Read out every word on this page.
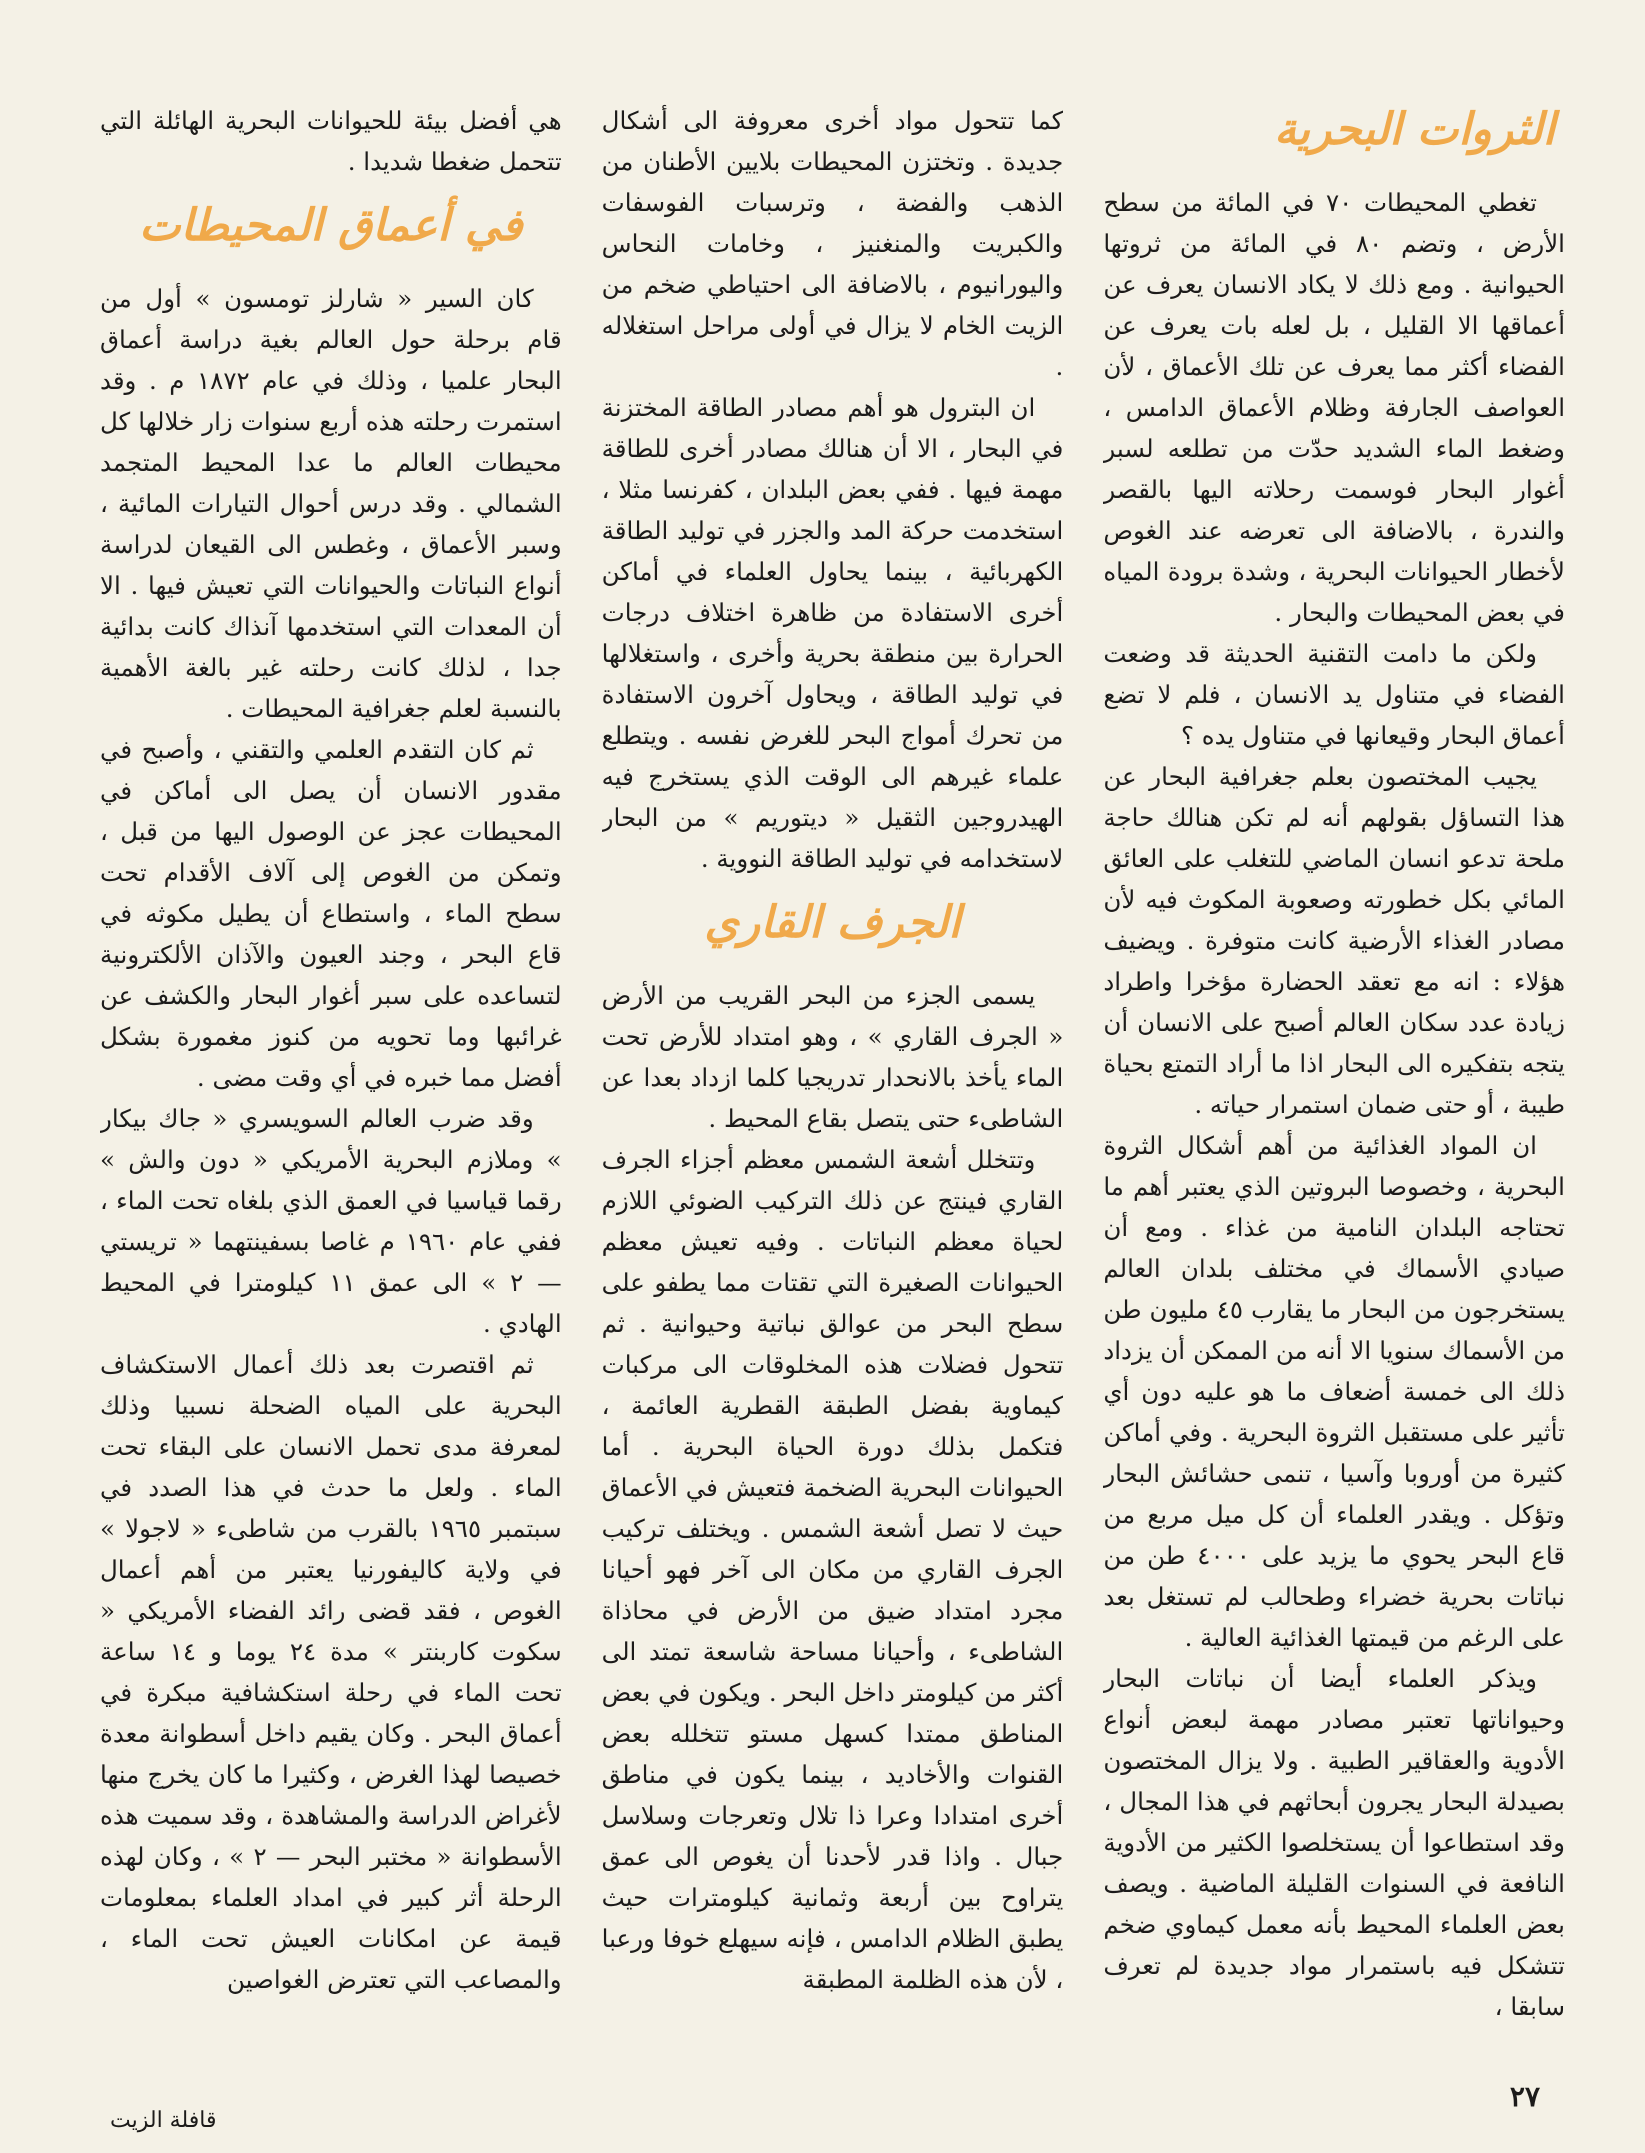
الثروات البحرية

تغطي المحيطات ٧٠ في المائة من سطح الأرض ، وتضم ٨٠ في المائة من ثروتها الحيوانية . ومع ذلك لا يكاد الانسان يعرف عن أعماقها الا القليل ، بل لعله بات يعرف عن الفضاء أكثر مما يعرف عن تلك الأعماق ، لأن العواصف الجارفة وظلام الأعماق الدامس ، وضغط الماء الشديد حدّت من تطلعه لسبر أغوار البحار فوسمت رحلاته اليها بالقصر والندرة ، بالاضافة الى تعرضه عند الغوص لأخطار الحيوانات البحرية ، وشدة برودة المياه في بعض المحيطات والبحار .

ولكن ما دامت التقنية الحديثة قد وضعت الفضاء في متناول يد الانسان ، فلم لا تضع أعماق البحار وقيعانها في متناول يده ؟

يجيب المختصون بعلم جغرافية البحار عن هذا التساؤل بقولهم أنه لم تكن هنالك حاجة ملحة تدعو انسان الماضي للتغلب على العائق المائي بكل خطورته وصعوبة المكوث فيه لأن مصادر الغذاء الأرضية كانت متوفرة . ويضيف هؤلاء : انه مع تعقد الحضارة مؤخرا واطراد زيادة عدد سكان العالم أصبح على الانسان أن يتجه بتفكيره الى البحار اذا ما أراد التمتع بحياة طيبة ، أو حتى ضمان استمرار حياته .

ان المواد الغذائية من أهم أشكال الثروة البحرية ، وخصوصا البروتين الذي يعتبر أهم ما تحتاجه البلدان النامية من غذاء . ومع أن صيادي الأسماك في مختلف بلدان العالم يستخرجون من البحار ما يقارب ٤٥ مليون طن من الأسماك سنويا الا أنه من الممكن أن يزداد ذلك الى خمسة أضعاف ما هو عليه دون أي تأثير على مستقبل الثروة البحرية . وفي أماكن كثيرة من أوروبا وآسيا ، تنمى حشائش البحار وتؤكل . ويقدر العلماء أن كل ميل مربع من قاع البحر يحوي ما يزيد على ٤٠٠٠ طن من نباتات بحرية خضراء وطحالب لم تستغل بعد على الرغم من قيمتها الغذائية العالية .

ويذكر العلماء أيضا أن نباتات البحار وحيواناتها تعتبر مصادر مهمة لبعض أنواع الأدوية والعقاقير الطبية . ولا يزال المختصون بصيدلة البحار يجرون أبحاثهم في هذا المجال ، وقد استطاعوا أن يستخلصوا الكثير من الأدوية النافعة في السنوات القليلة الماضية . ويصف بعض العلماء المحيط بأنه معمل كيماوي ضخم تتشكل فيه باستمرار مواد جديدة لم تعرف سابقا ،

كما تتحول مواد أخرى معروفة الى أشكال جديدة . وتختزن المحيطات بلايين الأطنان من الذهب والفضة ، وترسبات الفوسفات والكبريت والمنغنيز ، وخامات النحاس واليورانيوم ، بالاضافة الى احتياطي ضخم من الزيت الخام لا يزال في أولى مراحل استغلاله .

ان البترول هو أهم مصادر الطاقة المختزنة في البحار ، الا أن هنالك مصادر أخرى للطاقة مهمة فيها . ففي بعض البلدان ، كفرنسا مثلا ، استخدمت حركة المد والجزر في توليد الطاقة الكهربائية ، بينما يحاول العلماء في أماكن أخرى الاستفادة من ظاهرة اختلاف درجات الحرارة بين منطقة بحرية وأخرى ، واستغلالها في توليد الطاقة ، ويحاول آخرون الاستفادة من تحرك أمواج البحر للغرض نفسه . ويتطلع علماء غيرهم الى الوقت الذي يستخرج فيه الهيدروجين الثقيل « ديتوريم » من البحار لاستخدامه في توليد الطاقة النووية .

الجرف القاري

يسمى الجزء من البحر القريب من الأرض « الجرف القاري » ، وهو امتداد للأرض تحت الماء يأخذ بالانحدار تدريجيا كلما ازداد بعدا عن الشاطىء حتى يتصل بقاع المحيط .

وتتخلل أشعة الشمس معظم أجزاء الجرف القاري فينتج عن ذلك التركيب الضوئي اللازم لحياة معظم النباتات . وفيه تعيش معظم الحيوانات الصغيرة التي تقتات مما يطفو على سطح البحر من عوالق نباتية وحيوانية . ثم تتحول فضلات هذه المخلوقات الى مركبات كيماوية بفضل الطبقة القطرية العائمة ، فتكمل بذلك دورة الحياة البحرية . أما الحيوانات البحرية الضخمة فتعيش في الأعماق حيث لا تصل أشعة الشمس . ويختلف تركيب الجرف القاري من مكان الى آخر فهو أحيانا مجرد امتداد ضيق من الأرض في محاذاة الشاطىء ، وأحيانا مساحة شاسعة تمتد الى أكثر من كيلومتر داخل البحر . ويكون في بعض المناطق ممتدا كسهل مستو تتخلله بعض القنوات والأخاديد ، بينما يكون في مناطق أخرى امتدادا وعرا ذا تلال وتعرجات وسلاسل جبال . واذا قدر لأحدنا أن يغوص الى عمق يتراوح بين أربعة وثمانية كيلومترات حيث يطبق الظلام الدامس ، فإنه سيهلع خوفا ورعبا ، لأن هذه الظلمة المطبقة

هي أفضل بيئة للحيوانات البحرية الهائلة التي تتحمل ضغطا شديدا .

في أعماق المحيطات

كان السير « شارلز تومسون » أول من قام برحلة حول العالم بغية دراسة أعماق البحار علميا ، وذلك في عام ١٨٧٢ م . وقد استمرت رحلته هذه أربع سنوات زار خلالها كل محيطات العالم ما عدا المحيط المتجمد الشمالي . وقد درس أحوال التيارات المائية ، وسبر الأعماق ، وغطس الى القيعان لدراسة أنواع النباتات والحيوانات التي تعيش فيها . الا أن المعدات التي استخدمها آنذاك كانت بدائية جدا ، لذلك كانت رحلته غير بالغة الأهمية بالنسبة لعلم جغرافية المحيطات .

ثم كان التقدم العلمي والتقني ، وأصبح في مقدور الانسان أن يصل الى أماكن في المحيطات عجز عن الوصول اليها من قبل ، وتمكن من الغوص إلى آلاف الأقدام تحت سطح الماء ، واستطاع أن يطيل مكوثه في قاع البحر ، وجند العيون والآذان الألكترونية لتساعده على سبر أغوار البحار والكشف عن غرائبها وما تحويه من كنوز مغمورة بشكل أفضل مما خبره في أي وقت مضى .

وقد ضرب العالم السويسري « جاك بيكار » وملازم البحرية الأمريكي « دون والش » رقما قياسيا في العمق الذي بلغاه تحت الماء ، ففي عام ١٩٦٠ م غاصا بسفينتهما « تريستي — ٢ » الى عمق ١١ كيلومترا في المحيط الهادي .

ثم اقتصرت بعد ذلك أعمال الاستكشاف البحرية على المياه الضحلة نسبيا وذلك لمعرفة مدى تحمل الانسان على البقاء تحت الماء . ولعل ما حدث في هذا الصدد في سبتمبر ١٩٦٥ بالقرب من شاطىء « لاجولا » في ولاية كاليفورنيا يعتبر من أهم أعمال الغوص ، فقد قضى رائد الفضاء الأمريكي « سكوت كاربنتر » مدة ٢٤ يوما و ١٤ ساعة تحت الماء في رحلة استكشافية مبكرة في أعماق البحر . وكان يقيم داخل أسطوانة معدة خصيصا لهذا الغرض ، وكثيرا ما كان يخرج منها لأغراض الدراسة والمشاهدة ، وقد سميت هذه الأسطوانة « مختبر البحر — ٢ » ، وكان لهذه الرحلة أثر كبير في امداد العلماء بمعلومات قيمة عن امكانات العيش تحت الماء ، والمصاعب التي تعترض الغواصين

٢٧
قافلة الزيت
